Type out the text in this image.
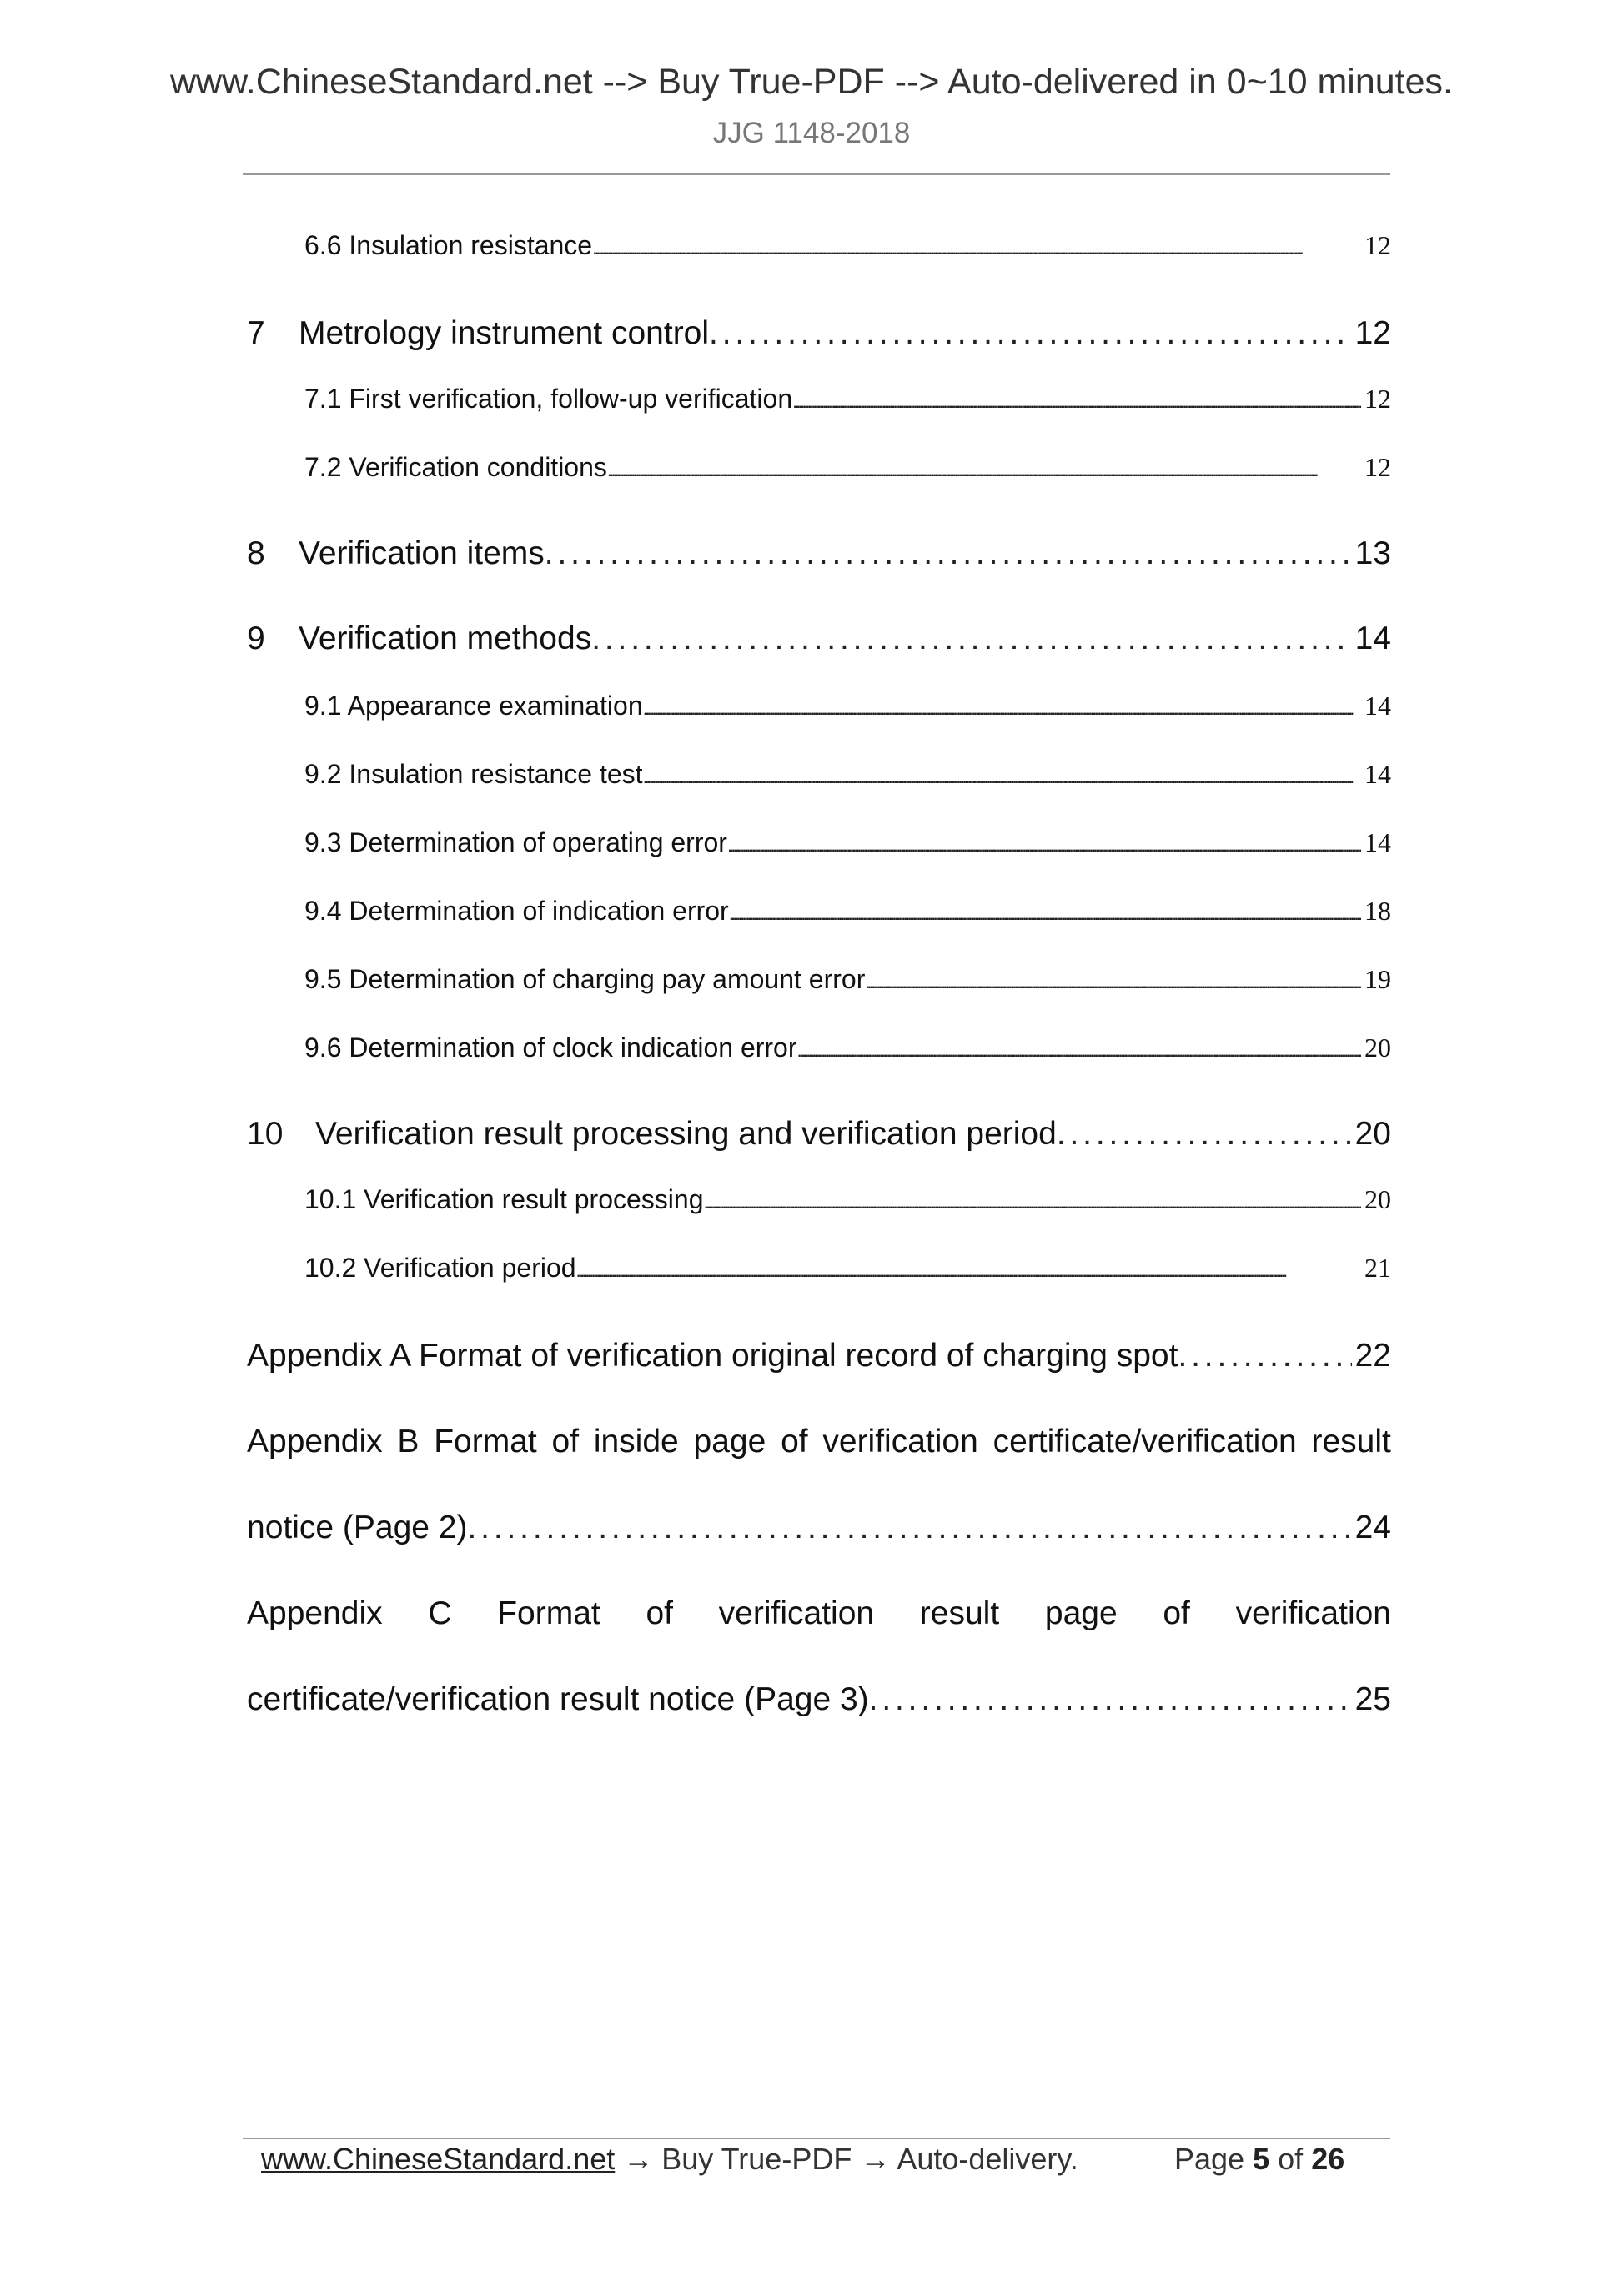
www.ChineseStandard.net --> Buy True-PDF --> Auto-delivered in 0~10 minutes.
JJG 1148-2018
6.6 Insulation resistance . . .	12
7	Metrology instrument control . . .	12
7.1 First verification, follow-up verification . . .	12
7.2 Verification conditions . . .	12
8	Verification items . . .	13
9	Verification methods . . .	14
9.1 Appearance examination . . .	14
9.2 Insulation resistance test . . .	14
9.3 Determination of operating error . . .	14
9.4 Determination of indication error . . .	18
9.5 Determination of charging pay amount error . . .	19
9.6 Determination of clock indication error . . .	20
10 Verification result processing and verification period . . .	20
10.1 Verification result processing . . .	20
10.2 Verification period . . .	21
Appendix A Format of verification original record of charging spot . . .	22
Appendix B Format of inside page of verification certificate/verification result
notice (Page 2) . . .	24
Appendix C Format of verification result page of verification
certificate/verification result notice (Page 3) . . .	25
www.ChineseStandard.net → Buy True-PDF → Auto-delivery.	Page 5 of 26
